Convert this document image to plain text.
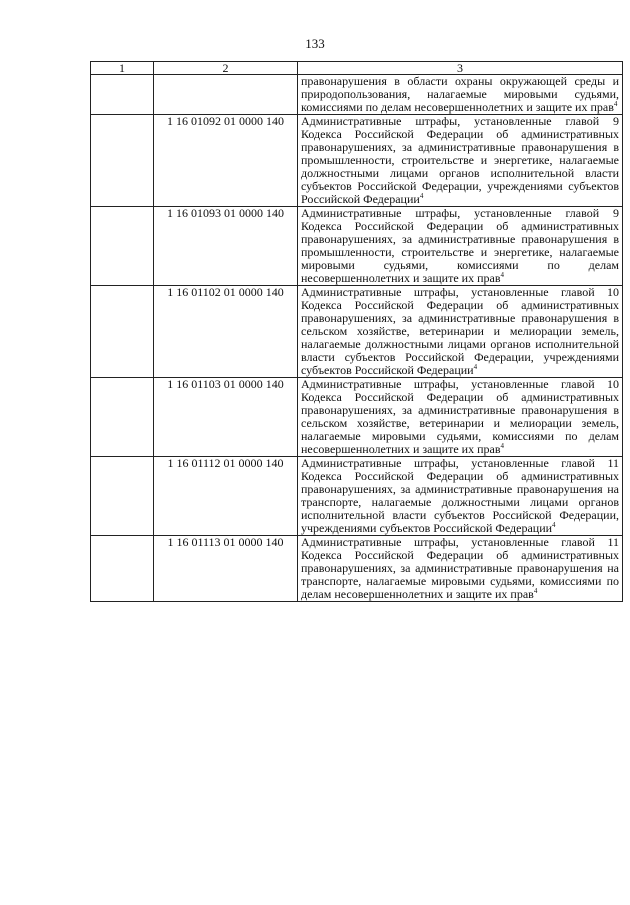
133
1	2	3
		правонарушения в области охраны окружающей среды и природопользования, налагаемые мировыми судьями, комиссиями по делам несовершеннолетних и защите их прав$^4$
	1 16 01092 01 0000 140	Административные штрафы, установленные главой 9 Кодекса Российской Федерации об административных правонарушениях, за административные правонарушения в промышленности, строительстве и энергетике, налагаемые должностными лицами органов исполнительной власти субъектов Российской Федерации, учреждениями субъектов Российской Федерации$^4$
	1 16 01093 01 0000 140	Административные штрафы, установленные главой 9 Кодекса Российской Федерации об административных правонарушениях, за административные правонарушения в промышленности, строительстве и энергетике, налагаемые мировыми судьями, комиссиями по делам несовершеннолетних и защите их прав$^4$
	1 16 01102 01 0000 140	Административные штрафы, установленные главой 10 Кодекса Российской Федерации об административных правонарушениях, за административные правонарушения в сельском хозяйстве, ветеринарии и мелиорации земель, налагаемые должностными лицами органов исполнительной власти субъектов Российской Федерации, учреждениями субъектов Российской Федерации$^4$
	1 16 01103 01 0000 140	Административные штрафы, установленные главой 10 Кодекса Российской Федерации об административных правонарушениях, за административные правонарушения в сельском хозяйстве, ветеринарии и мелиорации земель, налагаемые мировыми судьями, комиссиями по делам несовершеннолетних и защите их прав$^4$
	1 16 01112 01 0000 140	Административные штрафы, установленные главой 11 Кодекса Российской Федерации об административных правонарушениях, за административные правонарушения на транспорте, налагаемые должностными лицами органов исполнительной власти субъектов Российской Федерации, учреждениями субъектов Российской Федерации$^4$
	1 16 01113 01 0000 140	Административные штрафы, установленные главой 11 Кодекса Российской Федерации об административных правонарушениях, за административные правонарушения на транспорте, налагаемые мировыми судьями, комиссиями по делам несовершеннолетних и защите их прав$^4$
